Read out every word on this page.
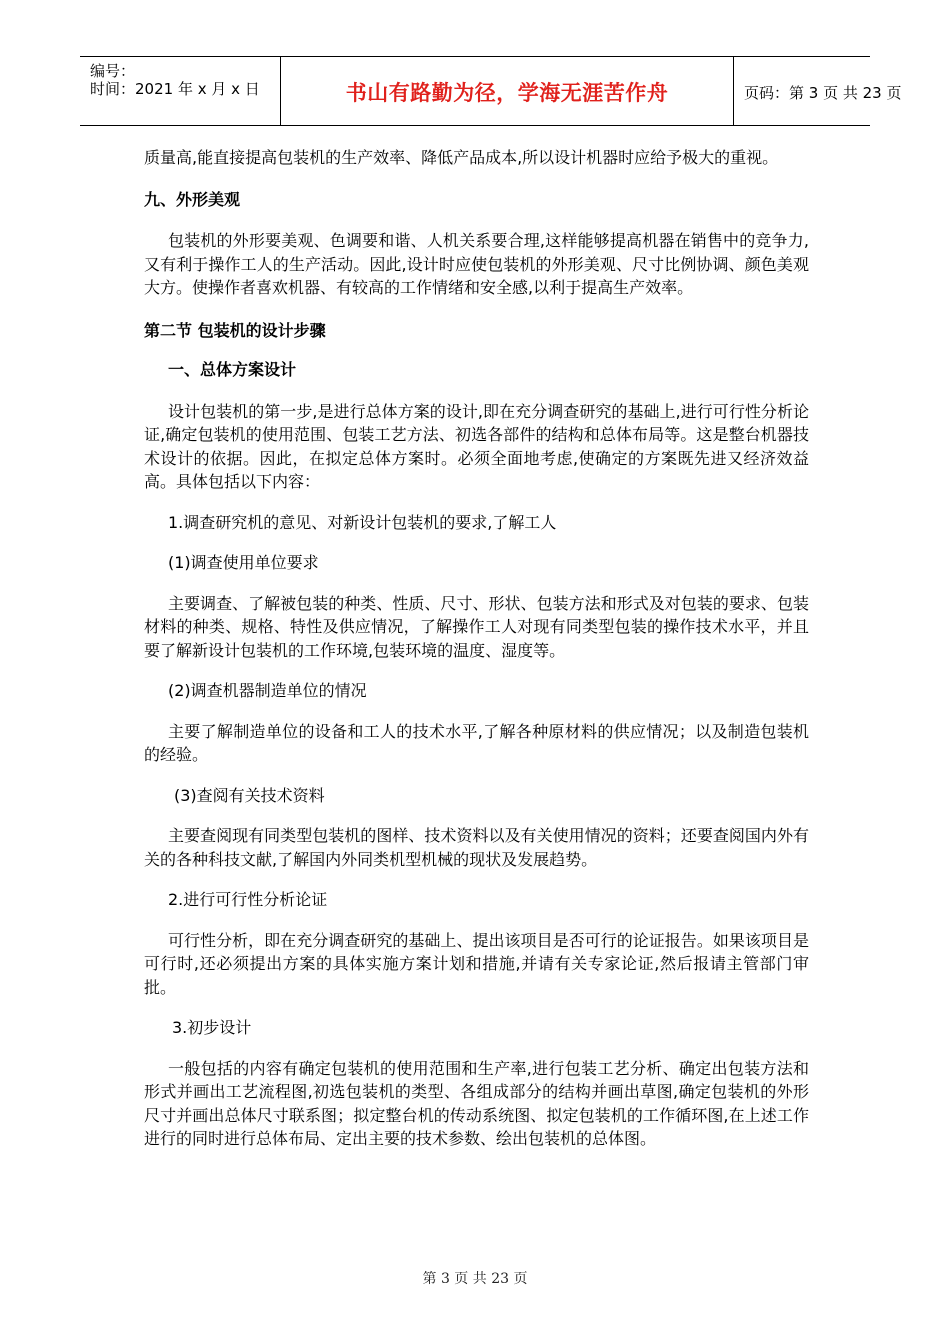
编号：
时间：2021 年 x 月 x 日	书山有路勤为径，学海无涯苦作舟	页码：第 3 页 共 23 页

质量高,能直接提高包装机的生产效率、降低产品成本,所以设计机器时应给予极大的重视。

九、外形美观

包装机的外形要美观、色调要和谐、人机关系要合理,这样能够提高机器在销售中的竞争力,又有利于操作工人的生产活动。因此,设计时应使包装机的外形美观、尺寸比例协调、颜色美观大方。使操作者喜欢机器、有较高的工作情绪和安全感,以利于提高生产效率。

第二节 包装机的设计步骤

一、总体方案设计

设计包装机的第一步,是进行总体方案的设计,即在充分调查研究的基础上,进行可行性分析论证,确定包装机的使用范围、包装工艺方法、初选各部件的结构和总体布局等。这是整台机器技术设计的依据。因此，在拟定总体方案时。必须全面地考虑,使确定的方案既先进又经济效益高。具体包括以下内容：

1.调查研究机的意见、对新设计包装机的要求,了解工人

(1)调查使用单位要求

主要调查、了解被包装的种类、性质、尺寸、形状、包装方法和形式及对包装的要求、包装材料的种类、规格、特性及供应情况，了解操作工人对现有同类型包装的操作技术水平，并且要了解新设计包装机的工作环境,包装环境的温度、湿度等。

(2)调查机器制造单位的情况

主要了解制造单位的设备和工人的技术水平,了解各种原材料的供应情况；以及制造包装机的经验。

(3)查阅有关技术资料

主要查阅现有同类型包装机的图样、技术资料以及有关使用情况的资料；还要查阅国内外有关的各种科技文献,了解国内外同类机型机械的现状及发展趋势。

2.进行可行性分析论证

可行性分析，即在充分调查研究的基础上、提出该项目是否可行的论证报告。如果该项目是可行时,还必须提出方案的具体实施方案计划和措施,并请有关专家论证,然后报请主管部门审批。

3.初步设计

一般包括的内容有确定包装机的使用范围和生产率,进行包装工艺分析、确定出包装方法和形式并画出工艺流程图,初选包装机的类型、各组成部分的结构并画出草图,确定包装机的外形尺寸并画出总体尺寸联系图；拟定整台机的传动系统图、拟定包装机的工作循环图,在上述工作进行的同时进行总体布局、定出主要的技术参数、绘出包装机的总体图。

第 3 页 共 23 页
